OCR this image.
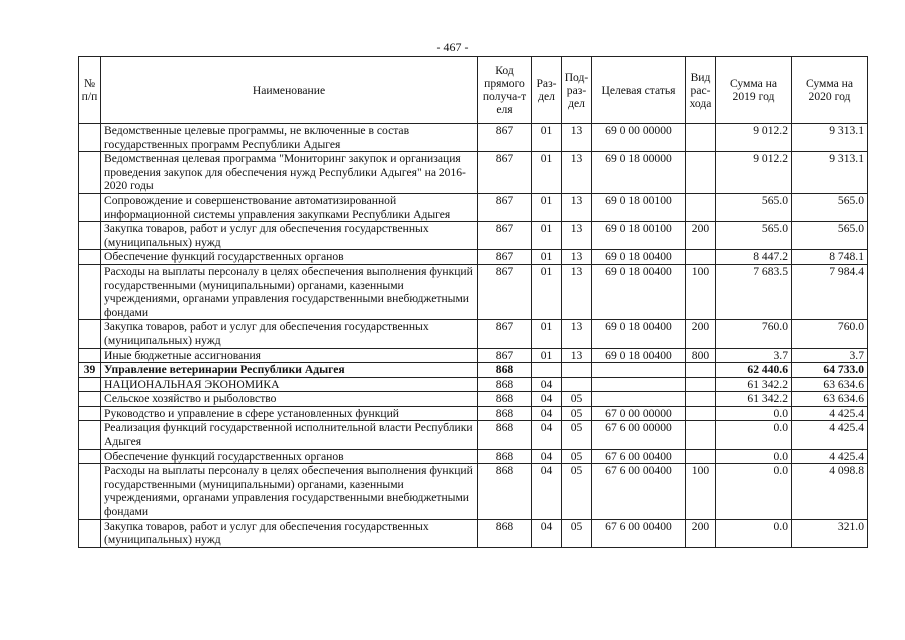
- 467 -
№ п/п	Наименование	Код прямого получа-т еля	Раз-дел	Под-раз-дел	Целевая статья	Вид рас-хода	Сумма на 2019 год	Сумма на 2020 год
	Ведомственные целевые программы, не включенные в состав государственных программ Республики Адыгея	867	01	13	69 0 00 00000		9 012.2	9 313.1
	Ведомственная целевая программа "Мониторинг закупок и организация проведения закупок для обеспечения нужд Республики Адыгея" на 2016-2020 годы	867	01	13	69 0 18 00000		9 012.2	9 313.1
	Сопровождение и совершенствование автоматизированной информационной системы управления закупками Республики Адыгея	867	01	13	69 0 18 00100		565.0	565.0
	Закупка товаров, работ и услуг для обеспечения государственных (муниципальных) нужд	867	01	13	69 0 18 00100	200	565.0	565.0
	Обеспечение функций государственных органов	867	01	13	69 0 18 00400		8 447.2	8 748.1
	Расходы на выплаты персоналу в целях обеспечения выполнения функций государственными (муниципальными) органами, казенными учреждениями, органами управления государственными внебюджетными фондами	867	01	13	69 0 18 00400	100	7 683.5	7 984.4
	Закупка товаров, работ и услуг для обеспечения государственных (муниципальных) нужд	867	01	13	69 0 18 00400	200	760.0	760.0
	Иные бюджетные ассигнования	867	01	13	69 0 18 00400	800	3.7	3.7
39	Управление ветеринарии Республики Адыгея	868					62 440.6	64 733.0
	НАЦИОНАЛЬНАЯ ЭКОНОМИКА	868	04				61 342.2	63 634.6
	Сельское хозяйство и рыболовство	868	04	05			61 342.2	63 634.6
	Руководство и управление в сфере установленных функций	868	04	05	67 0 00 00000		0.0	4 425.4
	Реализация функций государственной исполнительной власти Республики Адыгея	868	04	05	67 6 00 00000		0.0	4 425.4
	Обеспечение функций государственных органов	868	04	05	67 6 00 00400		0.0	4 425.4
	Расходы на выплаты персоналу в целях обеспечения выполнения функций государственными (муниципальными) органами, казенными учреждениями, органами управления государственными внебюджетными фондами	868	04	05	67 6 00 00400	100	0.0	4 098.8
	Закупка товаров, работ и услуг для обеспечения государственных (муниципальных) нужд	868	04	05	67 6 00 00400	200	0.0	321.0
